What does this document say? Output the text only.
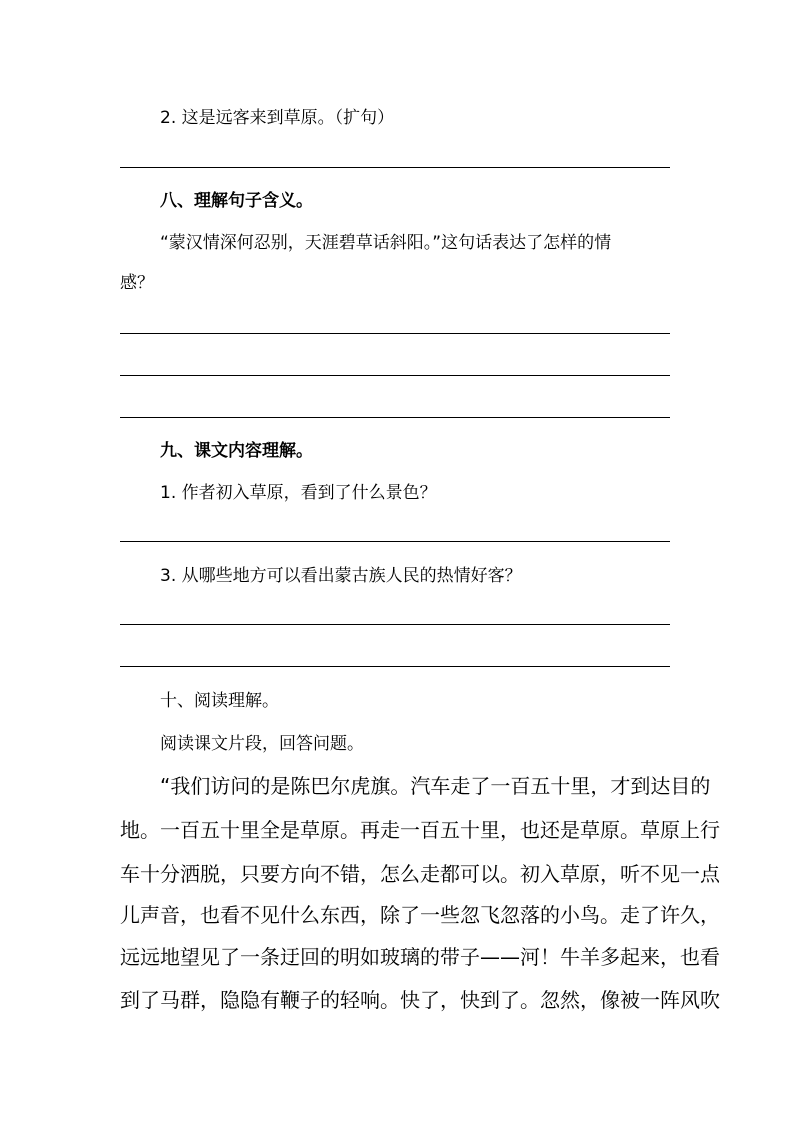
2. 这是远客来到草原。（扩句）
八、理解句子含义。
“蒙汉情深何忍别，天涯碧草话斜阳。”这句话表达了怎样的情
感？
九、课文内容理解。
1. 作者初入草原，看到了什么景色？
3. 从哪些地方可以看出蒙古族人民的热情好客？
十、阅读理解。
阅读课文片段，回答问题。
“我们访问的是陈巴尔虎旗。汽车走了一百五十里，才到达目的
地。一百五十里全是草原。再走一百五十里，也还是草原。草原上行
车十分洒脱，只要方向不错，怎么走都可以。初入草原，听不见一点
儿声音，也看不见什么东西，除了一些忽飞忽落的小鸟。走了许久，
远远地望见了一条迂回的明如玻璃的带子——河！牛羊多起来，也看
到了马群，隐隐有鞭子的轻响。快了，快到了。忽然，像被一阵风吹
